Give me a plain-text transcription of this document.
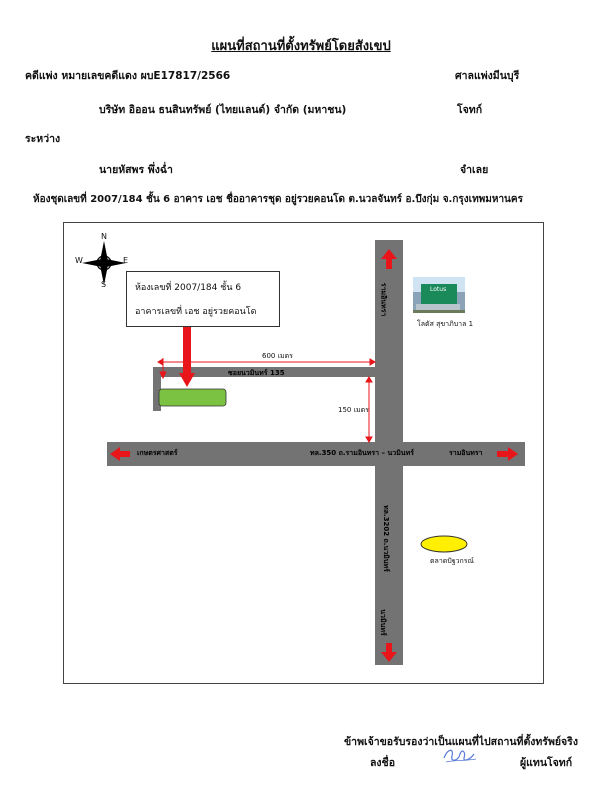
แผนที่สถานที่ตั้งทรัพย์โดยสังเขป
คดีแพ่ง หมายเลขคดีแดง ผบE17817/2566	ศาลแพ่งมีนบุรี
บริษัท อิออน ธนสินทรัพย์ (ไทยแลนด์) จำกัด (มหาชน)	โจทก์
ระหว่าง
นายหัสพร พึ่งฉ่ำ	จำเลย
ห้องชุดเลขที่ 2007/184 ชั้น 6 อาคาร เอช ชื่ออาคารชุด อยู่รวยคอนโด ต.นวลจันทร์ อ.บึงกุ่ม จ.กรุงเทพมหานคร
N
S
E
W
ห้องเลขที่ 2007/184 ชั้น 6
อาคารเลขที่ เอช อยู่รวยคอนโด	รามอินทรา
นวมินทร์
ซอยนวมินทร์ 135
ทล.350 ถ.รามอินทรา – นวมินทร์
ทล.3202 ถ.นวมินทร์
เกษตรศาสตร์	รามอินทรา
600 เมตร
150 เมตร
Lotus
โลตัส สุขาภิบาล 1
ตลาดปัฐวกรณ์
ข้าพเจ้าขอรับรองว่าเป็นแผนที่ไปสถานที่ตั้งทรัพย์จริง
ลงชื่อ	ผู้แทนโจทก์
